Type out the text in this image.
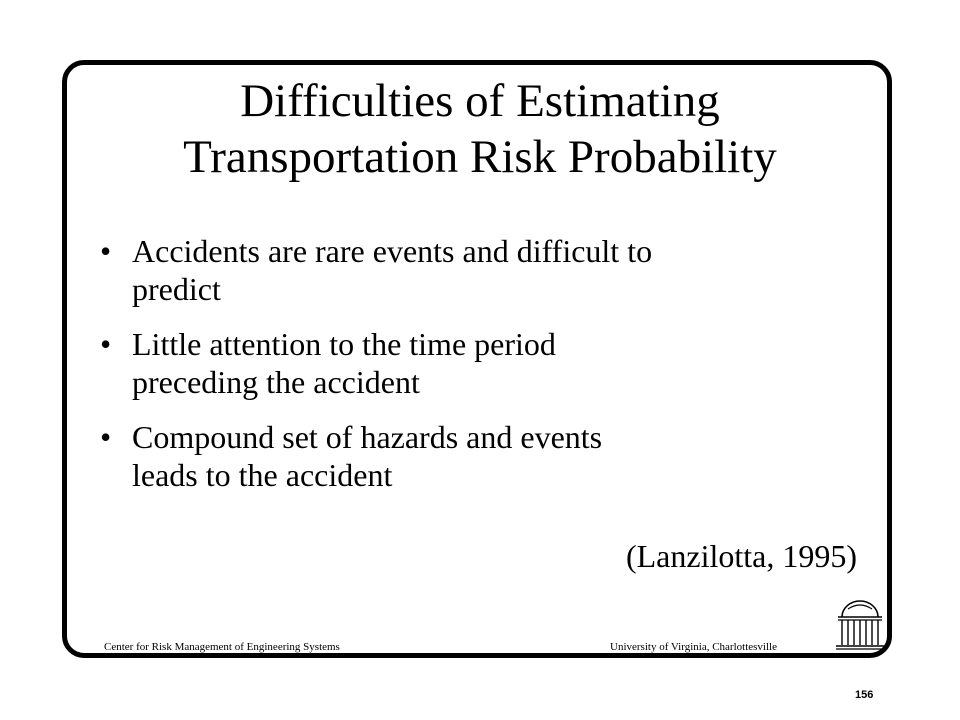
Difficulties of Estimating
Transportation Risk Probability
• Accidents are rare events and difficult to
predict
• Little attention to the time period
preceding the accident
• Compound set of hazards and events
leads to the accident
(Lanzilotta, 1995)
Center for Risk Management of Engineering Systems	University of Virginia, Charlottesville
156
